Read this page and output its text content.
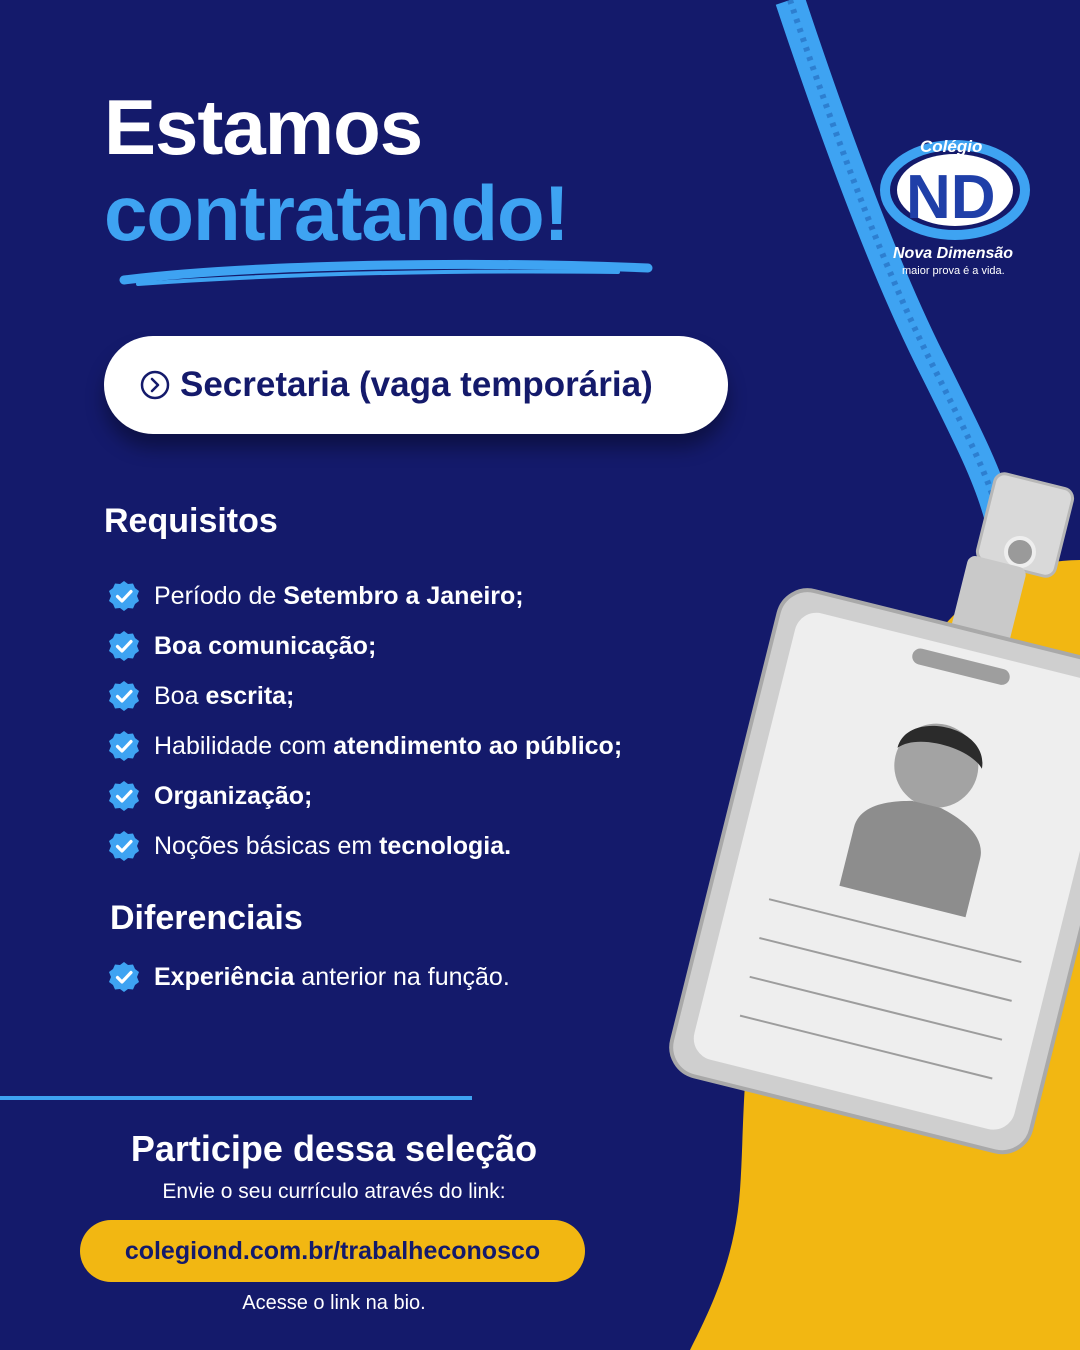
ND
Colégio
Nova Dimensão
maior prova é a vida.
Estamos
contratando!
Secretaria (vaga temporária)
Requisitos
Período de Setembro a Janeiro;
Boa comunicação;
Boa escrita;
Habilidade com atendimento ao público;
Organização;
Noções básicas em tecnologia.
Diferenciais
Experiência anterior na função.
Participe dessa seleção
Envie o seu currículo através do link:
colegiond.com.br/trabalheconosco
Acesse o link na bio.
